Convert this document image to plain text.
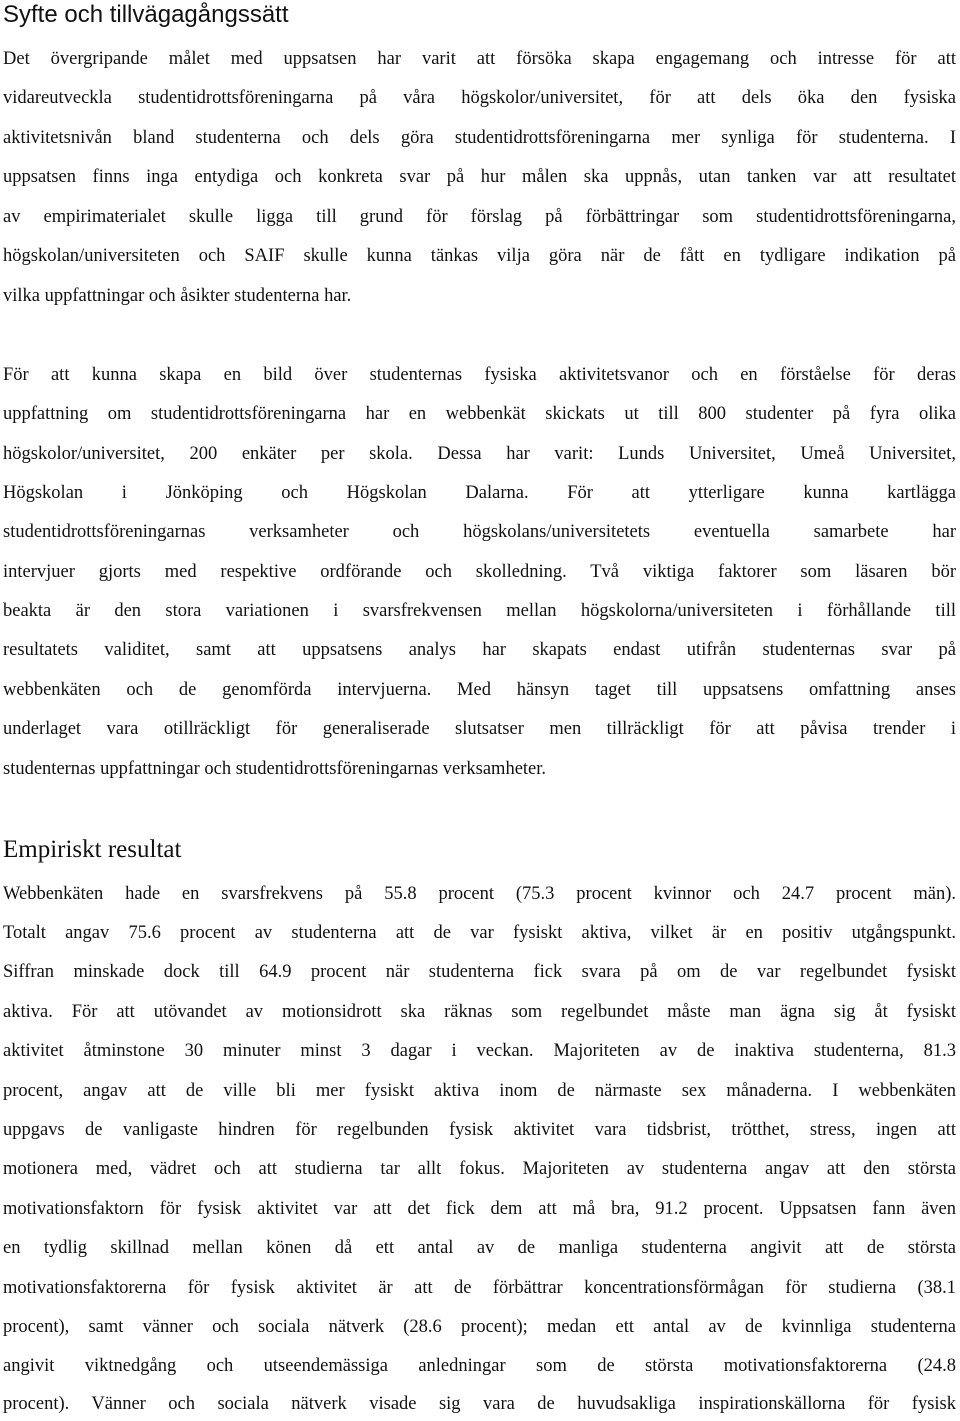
Syfte och tillvägagångssätt

Det övergripande målet med uppsatsen har varit att försöka skapa engagemang och intresse för att

vidareutveckla studentidrottsföreningarna på våra högskolor/universitet, för att dels öka den fysiska

aktivitetsnivån bland studenterna och dels göra studentidrottsföreningarna mer synliga för studenterna. I

uppsatsen finns inga entydiga och konkreta svar på hur målen ska uppnås, utan tanken var att resultatet

av empirimaterialet skulle ligga till grund för förslag på förbättringar som studentidrottsföreningarna,

högskolan/universiteten och SAIF skulle kunna tänkas vilja göra när de fått en tydligare indikation på

vilka uppfattningar och åsikter studenterna har.

För att kunna skapa en bild över studenternas fysiska aktivitetsvanor och en förståelse för deras

uppfattning om studentidrottsföreningarna har en webbenkät skickats ut till 800 studenter på fyra olika

högskolor/universitet, 200 enkäter per skola. Dessa har varit: Lunds Universitet, Umeå Universitet,

Högskolan i Jönköping och Högskolan Dalarna. För att ytterligare kunna kartlägga

studentidrottsföreningarnas verksamheter och högskolans/universitetets eventuella samarbete har

intervjuer gjorts med respektive ordförande och skolledning. Två viktiga faktorer som läsaren bör

beakta är den stora variationen i svarsfrekvensen mellan högskolorna/universiteten i förhållande till

resultatets validitet, samt att uppsatsens analys har skapats endast utifrån studenternas svar på

webbenkäten och de genomförda intervjuerna. Med hänsyn taget till uppsatsens omfattning anses

underlaget vara otillräckligt för generaliserade slutsatser men tillräckligt för att påvisa trender i

studenternas uppfattningar och studentidrottsföreningarnas verksamheter.

Empiriskt resultat

Webbenkäten hade en svarsfrekvens på 55.8 procent (75.3 procent kvinnor och 24.7 procent män).

Totalt angav 75.6 procent av studenterna att de var fysiskt aktiva, vilket är en positiv utgångspunkt.

Siffran minskade dock till 64.9 procent när studenterna fick svara på om de var regelbundet fysiskt

aktiva. För att utövandet av motionsidrott ska räknas som regelbundet måste man ägna sig åt fysiskt

aktivitet åtminstone 30 minuter minst 3 dagar i veckan. Majoriteten av de inaktiva studenterna, 81.3

procent, angav att de ville bli mer fysiskt aktiva inom de närmaste sex månaderna. I webbenkäten

uppgavs de vanligaste hindren för regelbunden fysisk aktivitet vara tidsbrist, trötthet, stress, ingen att

motionera med, vädret och att studierna tar allt fokus. Majoriteten av studenterna angav att den största

motivationsfaktorn för fysisk aktivitet var att det fick dem att må bra, 91.2 procent. Uppsatsen fann även

en tydlig skillnad mellan könen då ett antal av de manliga studenterna angivit att de största

motivationsfaktorerna för fysisk aktivitet är att de förbättrar koncentrationsförmågan för studierna (38.1

procent), samt vänner och sociala nätverk (28.6 procent); medan ett antal av de kvinnliga studenterna

angivit viktnedgång och utseendemässiga anledningar som de största motivationsfaktorerna (24.8

procent). Vänner och sociala nätverk visade sig vara de huvudsakliga inspirationskällorna för fysisk
